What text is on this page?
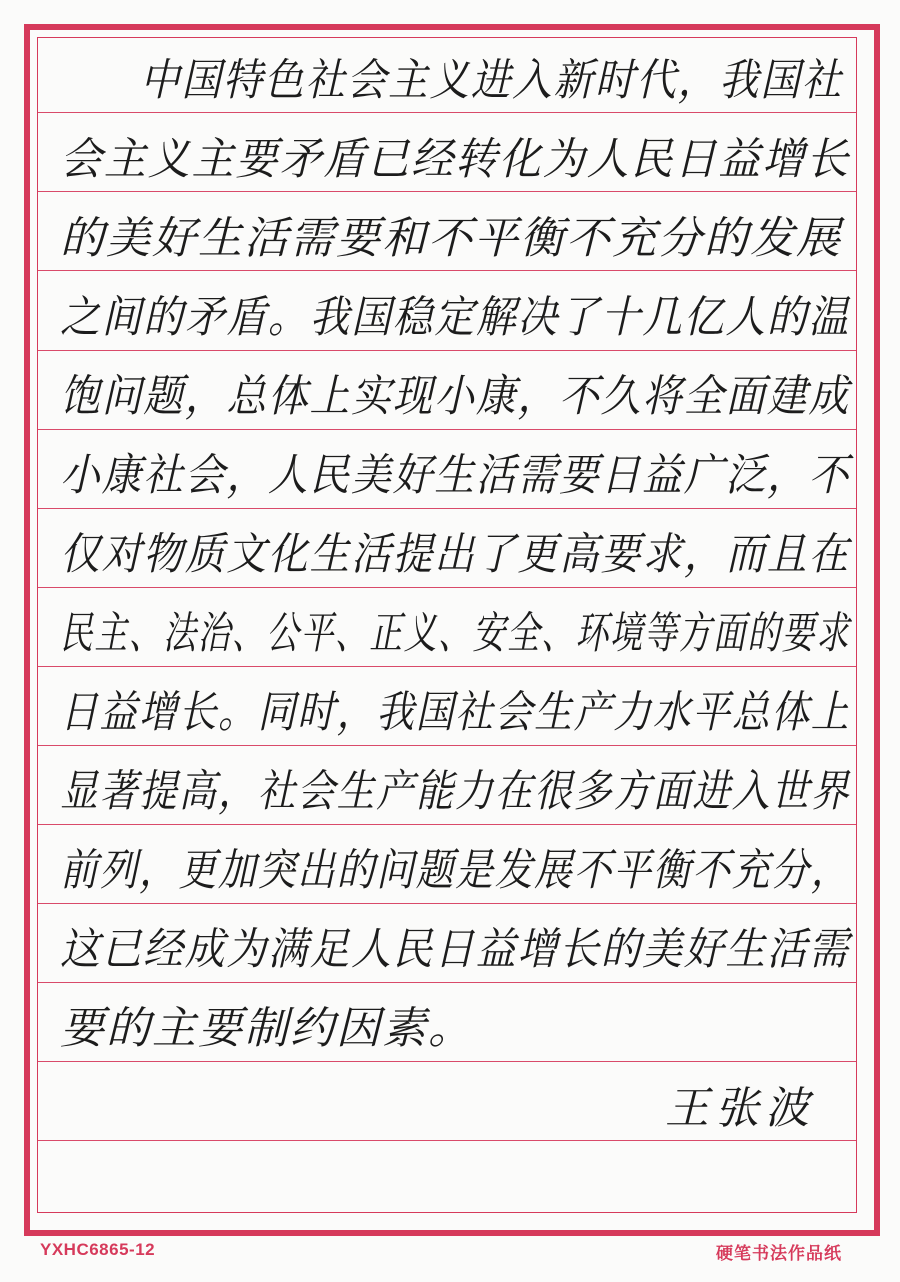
中国特色社会主义进入新时代，我国社
会主义主要矛盾已经转化为人民日益增长
的美好生活需要和不平衡不充分的发展
之间的矛盾。我国稳定解决了十几亿人的温
饱问题，总体上实现小康，不久将全面建成
小康社会，人民美好生活需要日益广泛，不
仅对物质文化生活提出了更高要求，而且在
民主、法治、公平、正义、安全、环境等方面的要求
日益增长。同时，我国社会生产力水平总体上
显著提高，社会生产能力在很多方面进入世界
前列，更加突出的问题是发展不平衡不充分，
这已经成为满足人民日益增长的美好生活需
要的主要制约因素。
王张波
YXHC6865-12	硬笔书法作品纸
